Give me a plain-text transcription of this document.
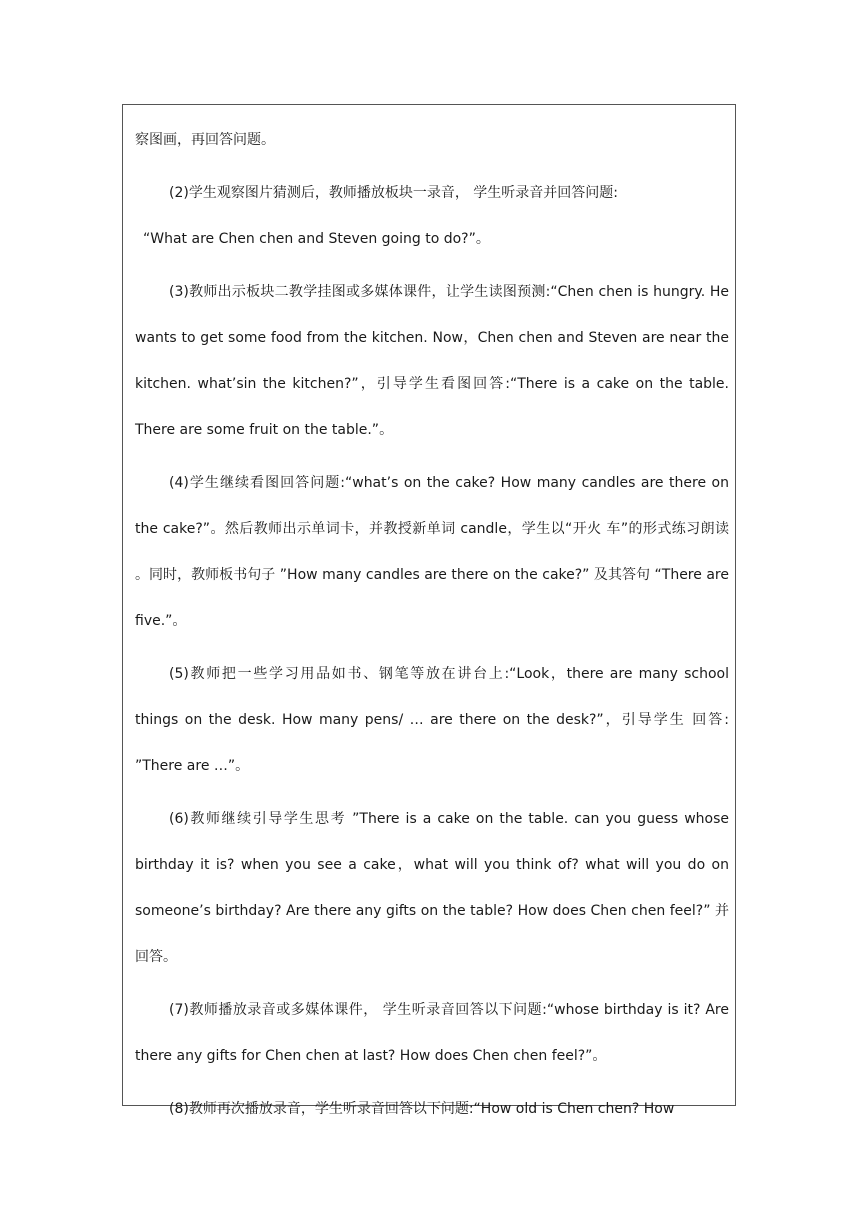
察图画，再回答问题。

(2)学生观察图片猜测后，教师播放板块一录音， 学生听录音并回答问题:

“What are Chen chen and Steven going to do?”。

(3)教师出示板块二教学挂图或多媒体课件，让学生读图预测:“Chen chen is hungry. He wants to get some food from the kitchen. Now，Chen chen and Steven are near the kitchen. what’sin the kitchen?”，引导学生看图回答:“There is a cake on the table. There are some fruit on the table.”。

(4)学生继续看图回答问题:“what’s on the cake? How many candles are there on the cake?”。然后教师出示单词卡，并教授新单词 candle，学生以“开火 车”的形式练习朗读 。同时，教师板书句子 ”How many candles are there on the cake?” 及其答句 “There are five.”。

(5)教师把一些学习用品如书、钢笔等放在讲台上:“Look，there are many school things on the desk. How many pens/ … are there on the desk?”，引导学生 回答: ”There are …”。

(6)教师继续引导学生思考 ”There is a cake on the table. can you guess whose birthday it is? when you see a cake，what will you think of? what will you do on someone’s birthday? Are there any gifts on the table? How does Chen chen feel?” 并回答。

(7)教师播放录音或多媒体课件， 学生听录音回答以下问题:“whose birthday is it? Are there any gifts for Chen chen at last? How does Chen chen feel?”。

(8)教师再次播放录音，学生听录音回答以下问题:“How old is Chen chen? How
